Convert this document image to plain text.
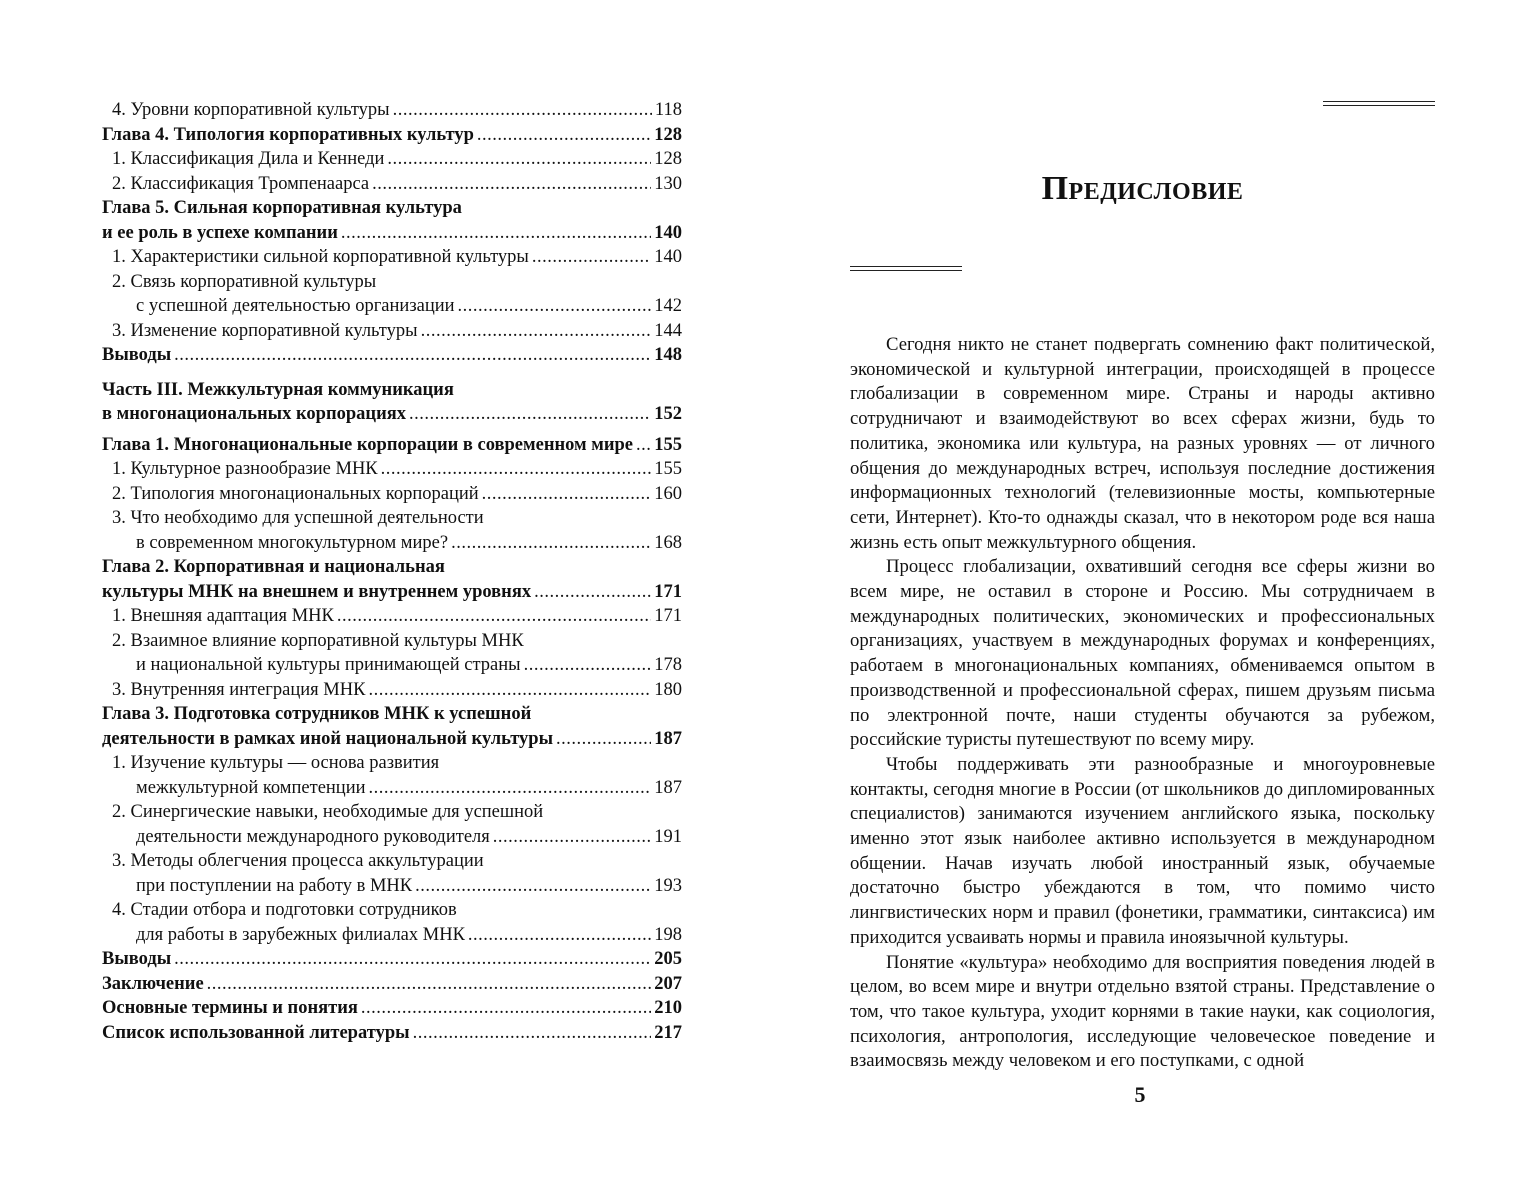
4. Уровни корпоративной культуры .....	118
Глава 4. Типология корпоративных культур .....	128
1. Классификация Дила и Кеннеди .....	128
2. Классификация Тромпенаарса .....	130
Глава 5. Сильная корпоративная культура
и ее роль в успехе компании .....	140
1. Характеристики сильной корпоративной культуры .....	140
2. Связь корпоративной культуры
с успешной деятельностью организации .....	142
3. Изменение корпоративной культуры .....	144
Выводы .....	148
Часть III. Межкультурная коммуникация
в многонациональных корпорациях .....	152
Глава 1. Многонациональные корпорации в современном мире ..... 155
1. Культурное разнообразие МНК .....	155
2. Типология многонациональных корпораций .....	160
3. Что необходимо для успешной деятельности
в современном многокультурном мире? .....	168
Глава 2. Корпоративная и национальная
культуры МНК на внешнем и внутреннем уровнях .....	171
1. Внешняя адаптация МНК .....	171
2. Взаимное влияние корпоративной культуры МНК
и национальной культуры принимающей страны .....	178
3. Внутренняя интеграция МНК .....	180
Глава 3. Подготовка сотрудников МНК к успешной
деятельности в рамках иной национальной культуры .....	187
1. Изучение культуры — основа развития
межкультурной компетенции .....	187
2. Синергические навыки, необходимые для успешной
деятельности международного руководителя .....	191
3. Методы облегчения процесса аккультурации
при поступлении на работу в МНК .....	193
4. Стадии отбора и подготовки сотрудников
для работы в зарубежных филиалах МНК .....	198
Выводы .....	205
Заключение .....	207
Основные термины и понятия .....	210
Список использованной литературы .....	217
Предисловие

Сегодня никто не станет подвергать сомнению факт политической, экономической и культурной интеграции, происходящей в процессе глобализации в современном мире. Страны и народы активно сотрудничают и взаимодействуют во всех сферах жизни, будь то политика, экономика или культура, на разных уровнях — от личного общения до международных встреч, используя последние достижения информационных технологий (телевизионные мосты, компьютерные сети, Интернет). Кто-то однажды сказал, что в некотором роде вся наша жизнь есть опыт межкультурного общения.

Процесс глобализации, охвативший сегодня все сферы жизни во всем мире, не оставил в стороне и Россию. Мы сотрудничаем в международных политических, экономических и профессиональных организациях, участвуем в международных форумах и конференциях, работаем в многонациональных компаниях, обмениваемся опытом в производственной и профессиональной сферах, пишем друзьям письма по электронной почте, наши студенты обучаются за рубежом, российские туристы путешествуют по всему миру.

Чтобы поддерживать эти разнообразные и многоуровневые контакты, сегодня многие в России (от школьников до дипломированных специалистов) занимаются изучением английского языка, поскольку именно этот язык наиболее активно используется в международном общении. Начав изучать любой иностранный язык, обучаемые достаточно быстро убеждаются в том, что помимо чисто лингвистических норм и правил (фонетики, грамматики, синтаксиса) им приходится усваивать нормы и правила иноязычной культуры.

Понятие «культура» необходимо для восприятия поведения людей в целом, во всем мире и внутри отдельно взятой страны. Представление о том, что такое культура, уходит корнями в такие науки, как социология, психология, антропология, исследующие человеческое поведение и взаимосвязь между человеком и его поступками, с одной

5
